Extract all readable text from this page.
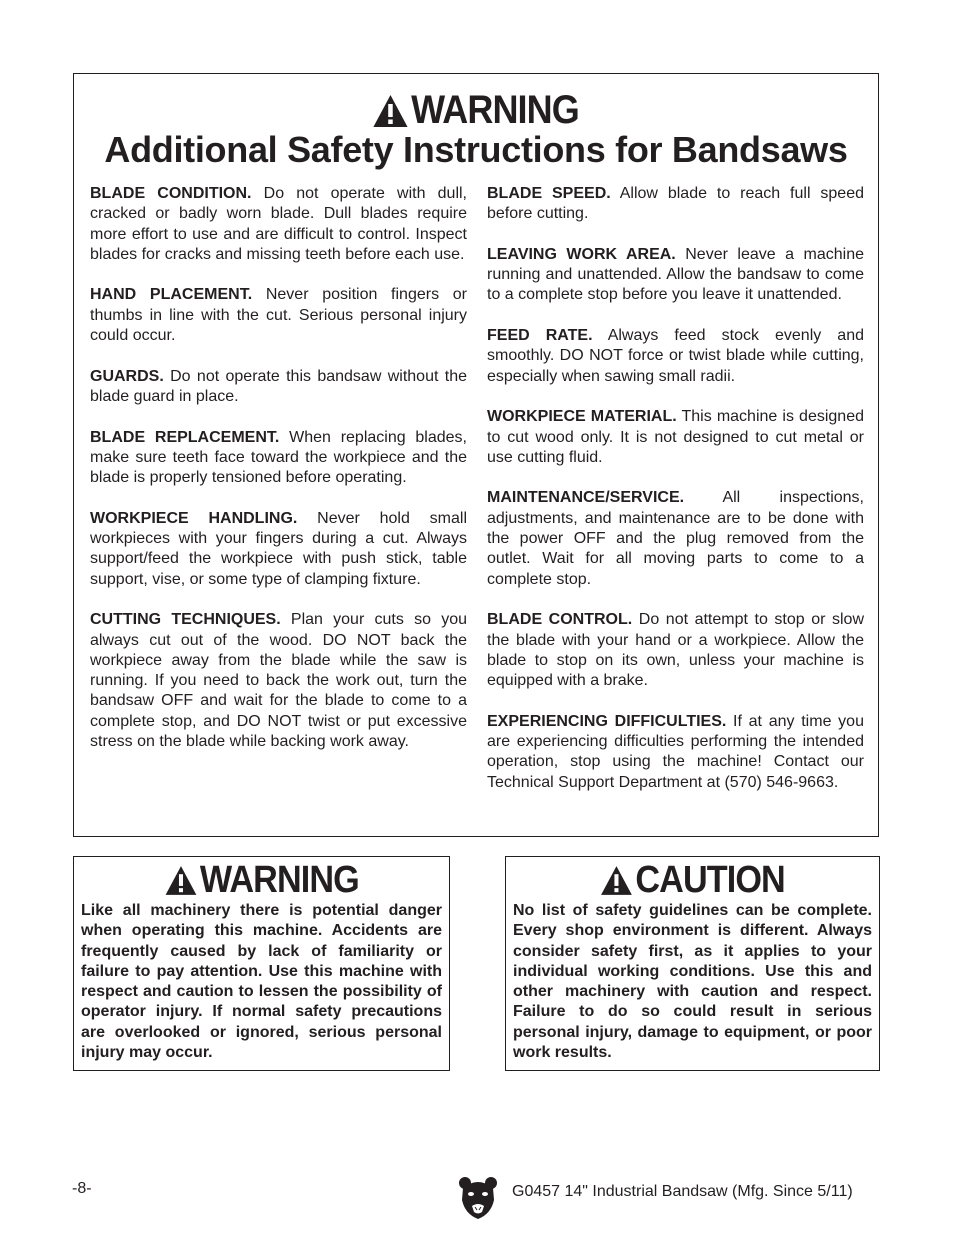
WARNING
Additional Safety Instructions for Bandsaws

BLADE CONDITION. Do not operate with dull, cracked or badly worn blade. Dull blades require more effort to use and are difficult to control. Inspect blades for cracks and missing teeth before each use.

HAND PLACEMENT. Never position fingers or thumbs in line with the cut. Serious personal injury could occur.

GUARDS. Do not operate this bandsaw without the blade guard in place.

BLADE REPLACEMENT. When replacing blades, make sure teeth face toward the workpiece and the blade is properly tensioned before operating.

WORKPIECE HANDLING. Never hold small workpieces with your fingers during a cut. Always support/feed the workpiece with push stick, table support, vise, or some type of clamping fixture.

CUTTING TECHNIQUES. Plan your cuts so you always cut out of the wood. DO NOT back the workpiece away from the blade while the saw is running. If you need to back the work out, turn the bandsaw OFF and wait for the blade to come to a complete stop, and DO NOT twist or put excessive stress on the blade while backing work away.

BLADE SPEED. Allow blade to reach full speed before cutting.

LEAVING WORK AREA. Never leave a machine running and unattended. Allow the bandsaw to come to a complete stop before you leave it unattended.

FEED RATE. Always feed stock evenly and smoothly. DO NOT force or twist blade while cutting, especially when sawing small radii.

WORKPIECE MATERIAL. This machine is designed to cut wood only. It is not designed to cut metal or use cutting fluid.

MAINTENANCE/SERVICE. All inspections, adjustments, and maintenance are to be done with the power OFF and the plug removed from the outlet. Wait for all moving parts to come to a complete stop.

BLADE CONTROL. Do not attempt to stop or slow the blade with your hand or a workpiece. Allow the blade to stop on its own, unless your machine is equipped with a brake.

EXPERIENCING DIFFICULTIES. If at any time you are experiencing difficulties performing the intended operation, stop using the machine! Contact our Technical Support Department at (570) 546-9663.

WARNING

Like all machinery there is potential danger when operating this machine. Accidents are frequently caused by lack of familiarity or failure to pay attention. Use this machine with respect and caution to lessen the possibility of operator injury. If normal safety precautions are overlooked or ignored, serious personal injury may occur.

CAUTION

No list of safety guidelines can be complete. Every shop environment is different. Always consider safety first, as it applies to your individual working conditions. Use this and other machinery with caution and respect. Failure to do so could result in serious personal injury, damage to equipment, or poor work results.

-8-	G0457 14" Industrial Bandsaw (Mfg. Since 5/11)
